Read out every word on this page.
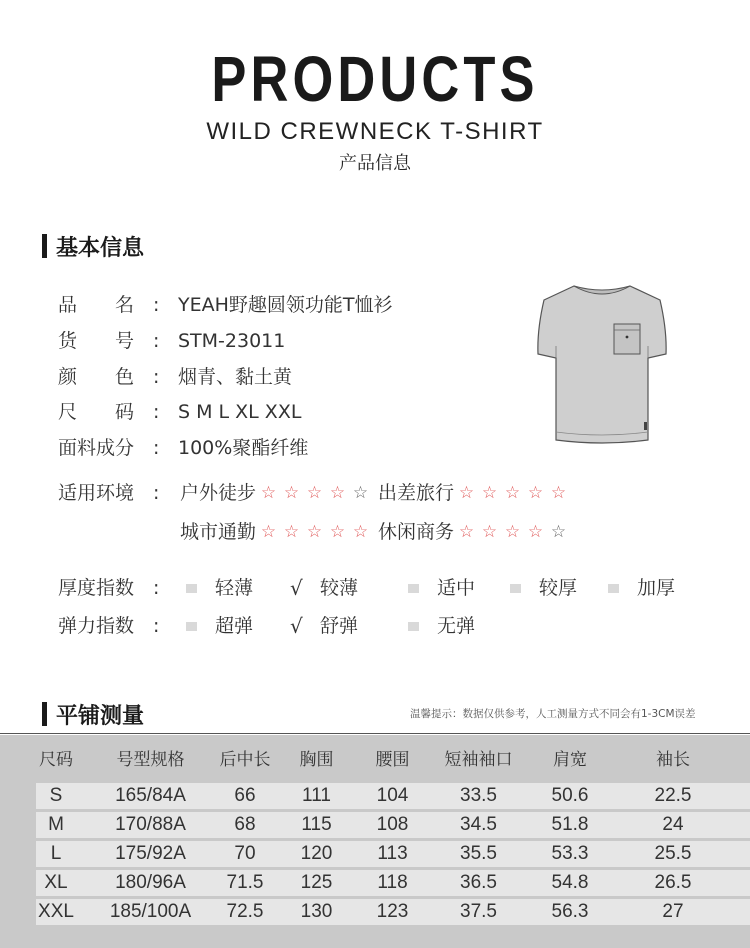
PRODUCTS
WILD CREWNECK T-SHIRT
产品信息
基本信息
品　　名 : YEAH野趣圆领功能T恤衫
货　　号 : STM-23011
颜　　色 : 烟青、黏土黄
尺　　码 : S M L XL XXL
面料成分 : 100%聚酯纤维
适用环境 :	户外徒步 ☆ ☆ ☆ ☆ ☆ 出差旅行 ☆ ☆ ☆ ☆ ☆
城市通勤 ☆ ☆ ☆ ☆ ☆ 休闲商务 ☆ ☆ ☆ ☆ ☆
厚度指数 :	轻薄 √ 较薄	适中	较厚	加厚
弹力指数 :	超弹 √ 舒弹	无弹
平铺测量	温馨提示：数据仅供参考，人工测量方式不同会有1-3CM误差
尺码	号型规格	后中长	胸围	腰围	短袖袖口	肩宽	袖长
S	165/84A	66	111	104	33.5	50.6	22.5
M	170/88A	68	115	108	34.5	51.8	24
L	175/92A	70	120	113	35.5	53.3	25.5
XL	180/96A	71.5	125	118	36.5	54.8	26.5
XXL	185/100A	72.5	130	123	37.5	56.3	27
